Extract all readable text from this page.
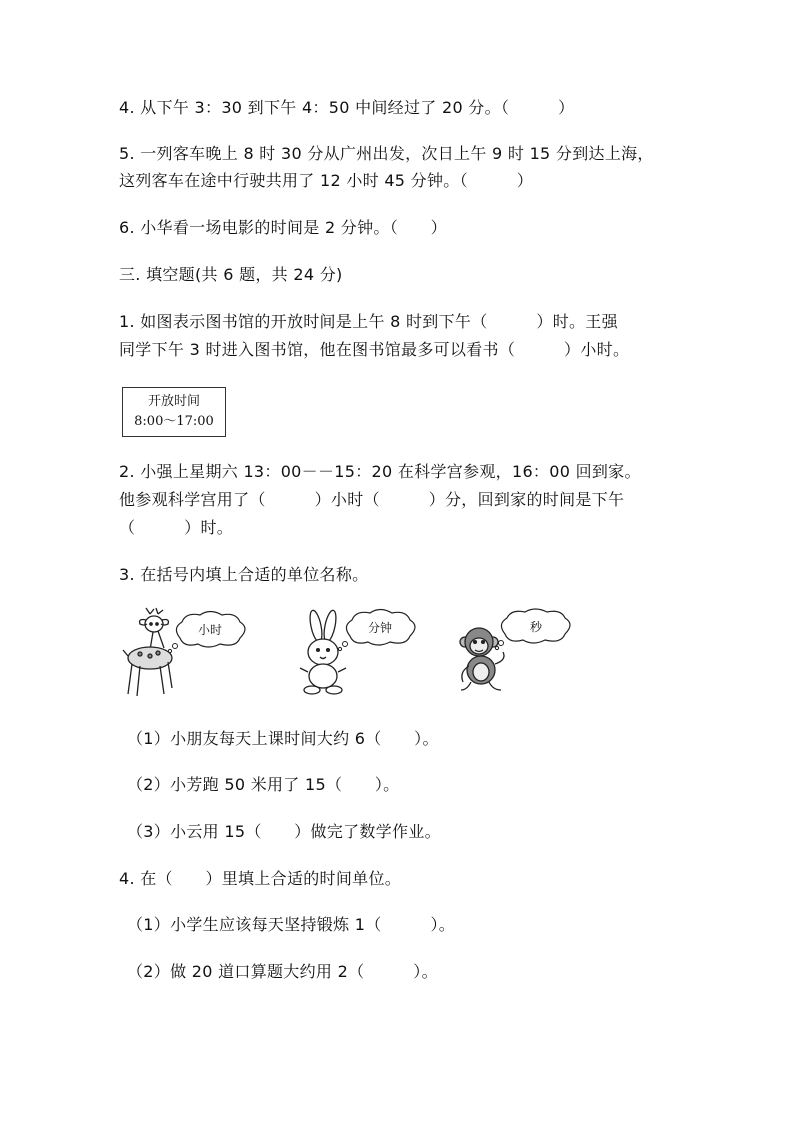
4. 从下午 3：30 到下午 4：50 中间经过了 20 分。（　　　）
5. 一列客车晚上 8 时 30 分从广州出发，次日上午 9 时 15 分到达上海，
这列客车在途中行驶共用了 12 小时 45 分钟。（　　　）
6. 小华看一场电影的时间是 2 分钟。（　　）
三. 填空题(共 6 题，共 24 分)
1. 如图表示图书馆的开放时间是上午 8 时到下午（　　　）时。王强
同学下午 3 时进入图书馆，他在图书馆最多可以看书（　　　）小时。
开放时间
8:00～17:00
2. 小强上星期六 13：00－－15：20 在科学宫参观，16：00 回到家。
他参观科学宫用了（　　　）小时（　　　）分，回到家的时间是下午
（　　　）时。
3. 在括号内填上合适的单位名称。
小时	分钟	秒
（1）小朋友每天上课时间大约 6（　　）。
（2）小芳跑 50 米用了 15（　　）。
（3）小云用 15（　　）做完了数学作业。
4. 在（　　）里填上合适的时间单位。
（1）小学生应该每天坚持锻炼 1（　　　）。
（2）做 20 道口算题大约用 2（　　　）。
